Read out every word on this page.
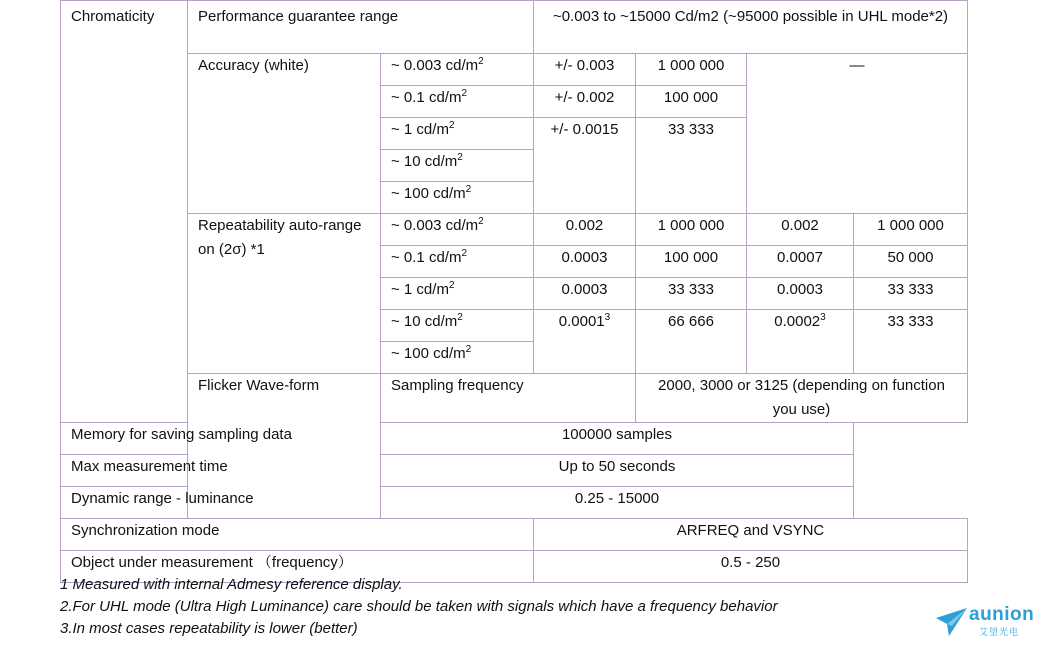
Chromaticity	Performance guarantee range		~0.003 to ~15000 Cd/m2 (~95000 possible in UHL mode*2)			
	Accuracy (white)	~ 0.003 $cd/m^2$	+/- 0.003	1 000 000	—	
		~ 0.1 $cd/m^2$	+/- 0.002	100 000		
		~ 1 $cd/m^2$	+/- 0.0015	33 333		
		~ 10 $cd/m^2$
		~ 100 $cd/m^2$
	Repeatability auto-range on (2σ) *1	~ 0.003 $cd/m^2$	0.002	1 000 000	0.002	1 000 000
		~ 0.1 $cd/m^2$	0.0003	100 000	0.0007	50 000
		~ 1 $cd/m^2$	0.0003	33 333	0.0003	33 333
		~ 10 $cd/m^2$	0.0001$^3$	66 666	0.0002$^3$	33 333
		~ 100 $cd/m^2$
	Flicker Wave-form	Sampling frequency		2000, 3000 or 3125 (depending on function you use)		
Memory for saving sampling data		100000 samples				
Max measurement time		Up to 50 seconds				
Dynamic range - luminance		0.25 - 15000				
Synchronization mode			ARFREQ and VSYNC			
Object under measurement （frequency）			0.5 - 250			
1 Measured with internal Admesy reference display.
2.For UHL mode (Ultra High Luminance) care should be taken with signals which have a frequency behavior
3.In most cases repeatability is lower (better)
aunion
艾望光电
